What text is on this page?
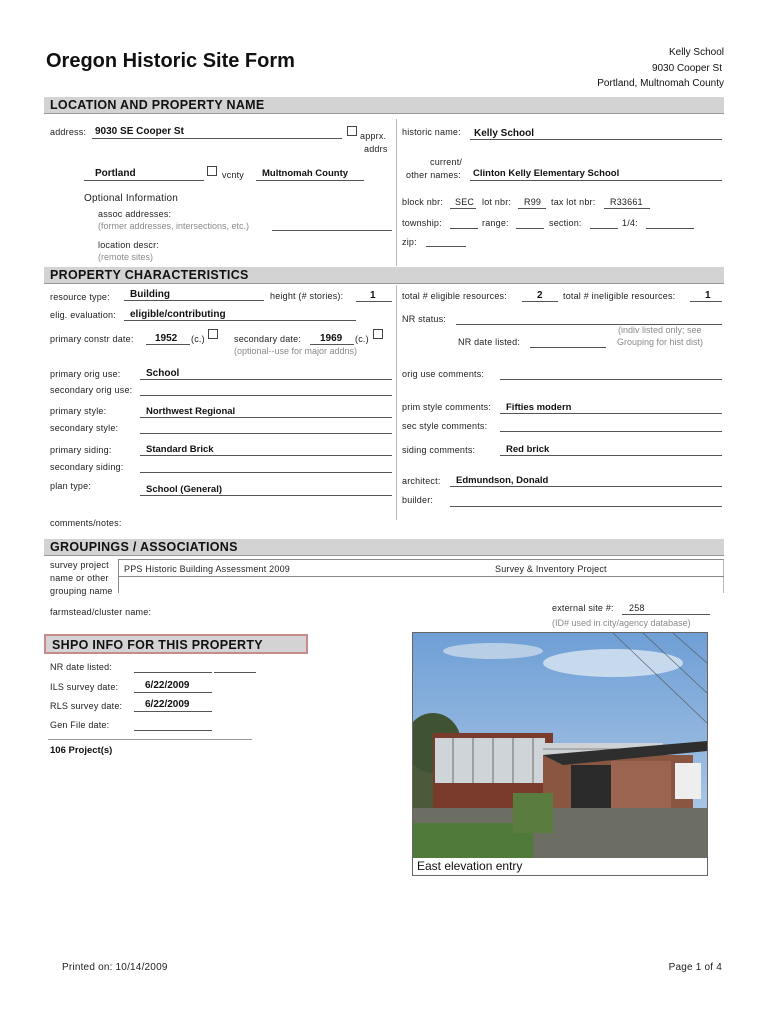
Oregon Historic Site Form	Kelly School
9030 Cooper St
Portland, Multnomah County
LOCATION AND PROPERTY NAME
address: 9030 SE Cooper St	apprx.
addrs
Portland	vcnty Multnomah County
Optional Information
assoc addresses:
(former addresses, intersections, etc.)
location descr:
(remote sites)
historic name: Kelly School
current/
other names: Clinton Kelly Elementary School
block nbr: SEC lot nbr: R99 tax lot nbr: R33661
township:	range:	section:	1/4:
zip:
PROPERTY CHARACTERISTICS
resource type: Building	height (# stories):	1	total # eligible resources:	2 total # ineligible resources:	1
elig. evaluation: eligible/contributing	NR status:
primary constr date: 1952 (c.)	secondary date: 1969 (c.)
(optional--use for major addns)
NR date listed:
(indiv listed only; see
Grouping for hist dist)
primary orig use:	School
secondary orig use:
orig use comments:
primary style:	Northwest Regional
secondary style:
prim style comments: Fifties modern
sec style comments:
primary siding:	Standard Brick
secondary siding:
siding comments:	Red brick
plan type:	School (General)
architect: Edmundson, Donald
builder:
comments/notes:
GROUPINGS / ASSOCIATIONS
survey project
name or other
grouping name
PPS Historic Building Assessment 2009	Survey & Inventory Project
farmstead/cluster name:	external site #: 258
(ID# used in city/agency database)
SHPO INFO FOR THIS PROPERTY
NR date listed:
ILS survey date:	6/22/2009
RLS survey date: 6/22/2009
Gen File date:
106 Project(s)
East elevation entry
Printed on: 10/14/2009	Page 1 of 4
